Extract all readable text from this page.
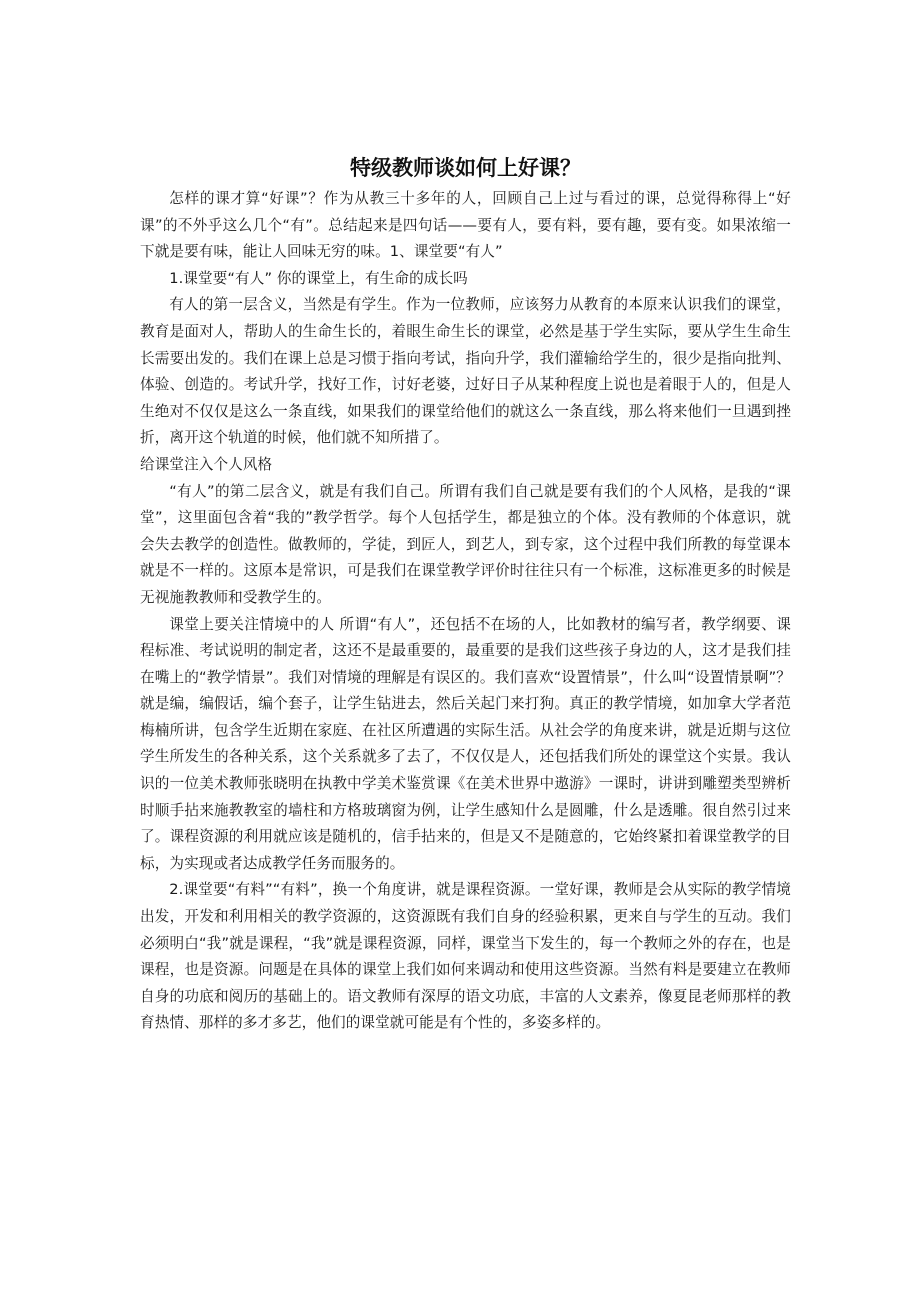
特级教师谈如何上好课？

怎样的课才算“好课”？作为从教三十多年的人，回顾自己上过与看过的课，总觉得称得上“好课”的不外乎这么几个“有”。总结起来是四句话——要有人，要有料，要有趣，要有变。如果浓缩一下就是要有味，能让人回味无穷的味。1、课堂要“有人”

1.课堂要“有人” 你的课堂上，有生命的成长吗

有人的第一层含义，当然是有学生。作为一位教师，应该努力从教育的本原来认识我们的课堂，教育是面对人，帮助人的生命生长的，着眼生命生长的课堂，必然是基于学生实际，要从学生生命生长需要出发的。我们在课上总是习惯于指向考试，指向升学，我们灌输给学生的，很少是指向批判、体验、创造的。考试升学，找好工作，讨好老婆，过好日子从某种程度上说也是着眼于人的，但是人生绝对不仅仅是这么一条直线，如果我们的课堂给他们的就这么一条直线，那么将来他们一旦遇到挫折，离开这个轨道的时候，他们就不知所措了。

给课堂注入个人风格

“有人”的第二层含义，就是有我们自己。所谓有我们自己就是要有我们的个人风格，是我的“课堂”，这里面包含着“我的”教学哲学。每个人包括学生，都是独立的个体。没有教师的个体意识，就会失去教学的创造性。做教师的，学徒，到匠人，到艺人，到专家，这个过程中我们所教的每堂课本就是不一样的。这原本是常识，可是我们在课堂教学评价时往往只有一个标准，这标准更多的时候是无视施教教师和受教学生的。

课堂上要关注情境中的人 所谓“有人”，还包括不在场的人，比如教材的编写者，教学纲要、课程标准、考试说明的制定者，这还不是最重要的，最重要的是我们这些孩子身边的人，这才是我们挂在嘴上的“教学情景”。我们对情境的理解是有误区的。我们喜欢“设置情景”，什么叫“设置情景啊”？就是编，编假话，编个套子，让学生钻进去，然后关起门来打狗。真正的教学情境，如加拿大学者范梅楠所讲，包含学生近期在家庭、在社区所遭遇的实际生活。从社会学的角度来讲，就是近期与这位学生所发生的各种关系，这个关系就多了去了，不仅仅是人，还包括我们所处的课堂这个实景。我认识的一位美术教师张晓明在执教中学美术鉴赏课《在美术世界中遨游》一课时，讲讲到雕塑类型辨析时顺手拈来施教教室的墙柱和方格玻璃窗为例，让学生感知什么是圆雕，什么是透雕。很自然引过来了。课程资源的利用就应该是随机的，信手拈来的，但是又不是随意的，它始终紧扣着课堂教学的目标，为实现或者达成教学任务而服务的。

2.课堂要“有料”“有料”，换一个角度讲，就是课程资源。一堂好课，教师是会从实际的教学情境出发，开发和利用相关的教学资源的，这资源既有我们自身的经验积累，更来自与学生的互动。我们必须明白“我”就是课程，“我”就是课程资源，同样，课堂当下发生的，每一个教师之外的存在，也是课程，也是资源。问题是在具体的课堂上我们如何来调动和使用这些资源。当然有料是要建立在教师自身的功底和阅历的基础上的。语文教师有深厚的语文功底，丰富的人文素养，像夏昆老师那样的教育热情、那样的多才多艺，他们的课堂就可能是有个性的，多姿多样的。
